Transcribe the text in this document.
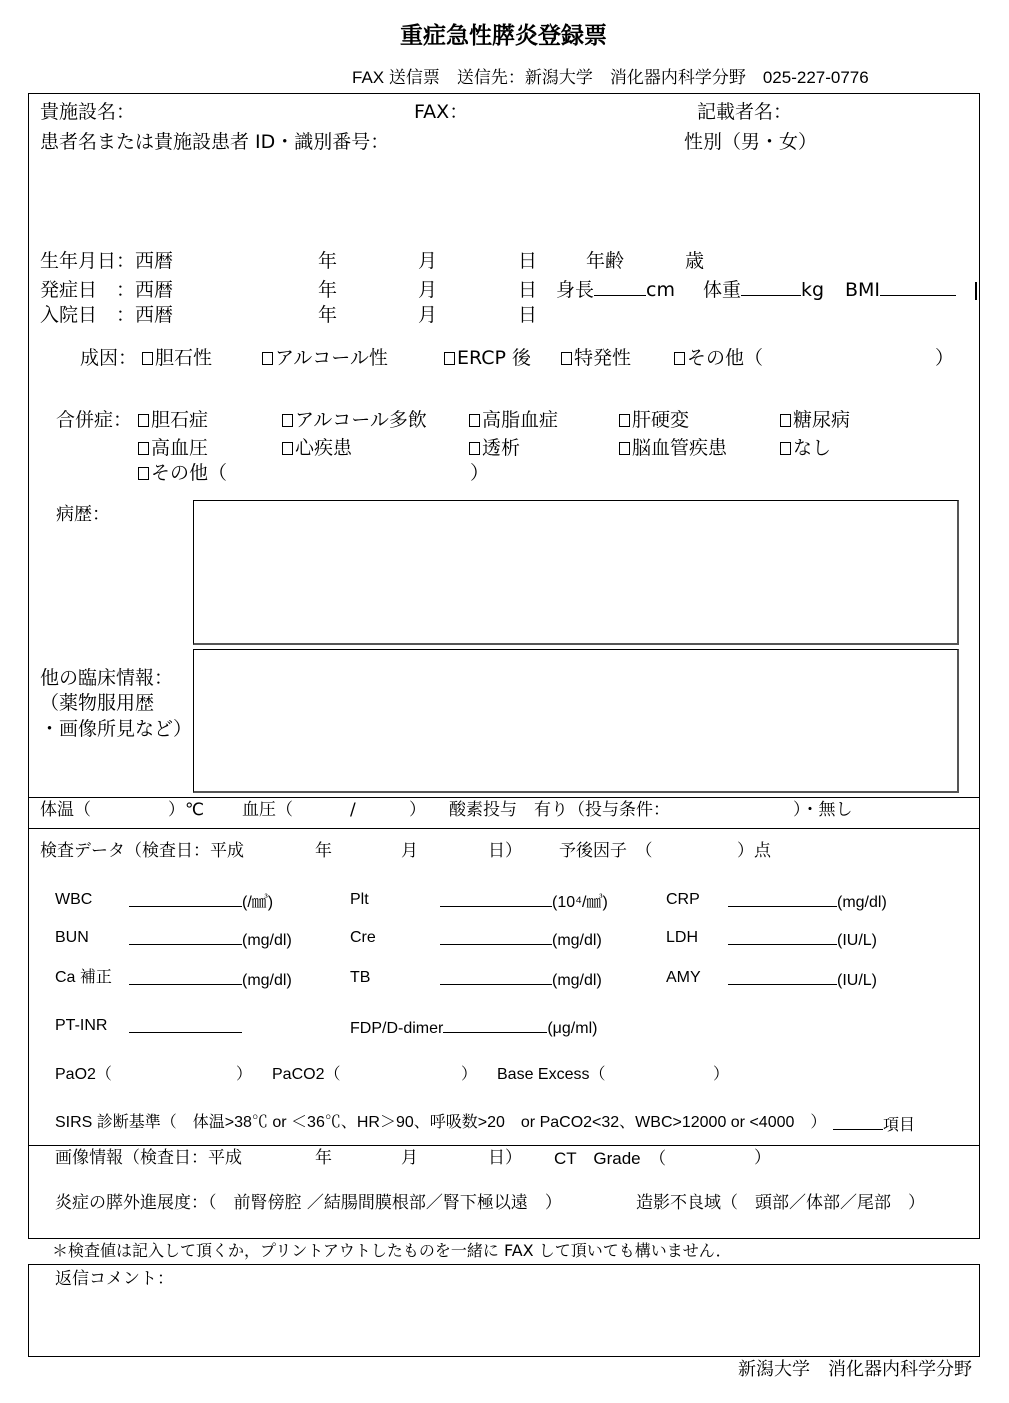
重症急性膵炎登録票
FAX 送信票　送信先：新潟大学　消化器内科学分野　025-227-0776
貴施設名：	FAX：	記載者名：
患者名または貴施設患者 ID・識別番号：	性別（男・女）
生年月日：西暦	年	月	日	年齢	歳
発症日　：西暦	年	月	日 身長	cm 体重	kg BMI
入院日　：西暦	年	月	日
成因： 胆石性	アルコール性	ERCP 後	特発性	その他（	）
合併症： 胆石症	アルコール多飲	高脂血症	肝硬変	糖尿病
高血圧	心疾患	透析	脳血管疾患	なし
その他（	）
病歴：
他の臨床情報：
（薬物服用歴
・画像所見など）
体温（	）℃ 血圧（	/	） 酸素投与　有り（投与条件：	）・無し
検査データ（検査日：平成	年	月	日） 予後因子　（	）点
WBC	(/㎣)	Plt	(10⁴/㎣)	CRP	(mg/dl)
BUN	(mg/dl)	Cre	(mg/dl)	LDH	(IU/L)
Ca 補正	(mg/dl)	TB	(mg/dl)	AMY	(IU/L)
PT-INR	FDP/D-dimer	(μg/ml)
PaO2（	） PaCO2（	） Base Excess（	）
SIRS 診断基準（　体温>38℃ or ＜36℃、HR＞90、呼吸数>20　or PaCO2<32、WBC>12000 or <4000　）	項目
画像情報（検査日：平成	年	月	日） CT　Grade　（	）
炎症の膵外進展度：（　前腎傍腔 ／結腸間膜根部／腎下極以遠　）	造影不良域（　頭部／体部／尾部　）
＊検査値は記入して頂くか，プリントアウトしたものを一緒に FAX して頂いても構いません．
返信コメント：
新潟大学　消化器内科学分野
